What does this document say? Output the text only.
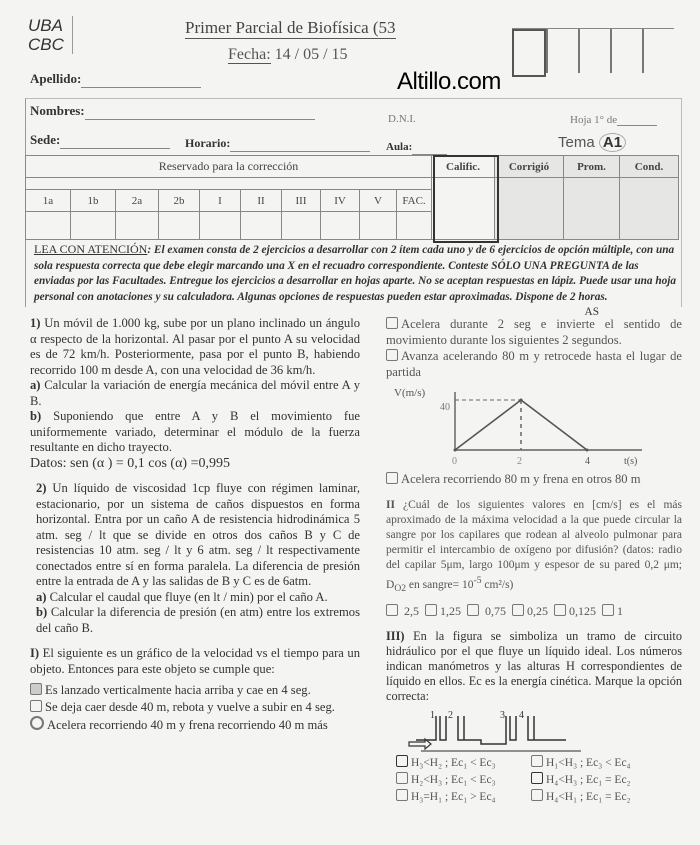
UBA
CBC
Primer Parcial de Biofísica (53
Fecha: 14 / 05 / 15
Altillo.com
Apellido:
Nombres:
D.N.I.	Hoja 1° de
Sede:	Horario:	Aula:	Tema A1
Reservado para la corrección										Calific.	Corrigió	Prom.	Cond.

1a	1b	2a	2b	I	II	III	IV	V	FAC.				

LEA CON ATENCIÓN: El examen consta de 2 ejercicios a desarrollar con 2 ítem cada uno y de 6 ejercicios de opción múltiple, con una sola respuesta correcta que debe elegir marcando una X en el recuadro correspondiente. Conteste SÓLO UNA PREGUNTA de las enviadas por las Facultades. Entregue los ejercicios a desarrollar en hojas aparte. No se aceptan respuestas en lápiz. Puede usar una hoja personal con anotaciones y su calculadora. Algunas opciones de respuestas pueden estar aproximadas. Dispone de 2 horas.
AS
1) Un móvil de 1.000 kg, sube por un plano inclinado un ángulo α respecto de la horizontal. Al pasar por el punto A su velocidad es de 72 km/h. Posteriormente, pasa por el punto B, habiendo recorrido 100 m desde A, con una velocidad de 36 km/h.
a) Calcular la variación de energía mecánica del móvil entre A y B.
b) Suponiendo que entre A y B el movimiento fue uniformemente variado, determinar el módulo de la fuerza resultante en dicho trayecto.
Datos: sen (α ) = 0,1 cos (α) =0,995
2) Un líquido de viscosidad 1cp fluye con régimen laminar, estacionario, por un sistema de caños dispuestos en forma horizontal. Entra por un caño A de resistencia hidrodinámica 5 atm. seg / lt que se divide en otros dos caños B y C de resistencias 10 atm. seg / lt y 6 atm. seg / lt respectivamente conectados entre sí en forma paralela. La diferencia de presión entre la entrada de A y las salidas de B y C es de 6atm.
a) Calcular el caudal que fluye (en lt / min) por el caño A.
b) Calcular la diferencia de presión (en atm) entre los extremos del caño B.
I) El siguiente es un gráfico de la velocidad vs el tiempo para un objeto. Entonces para este objeto se cumple que:
Es lanzado verticalmente hacia arriba y cae en 4 seg.
Se deja caer desde 40 m, rebota y vuelve a subir en 4 seg.
Acelera recorriendo 40 m y frena recorriendo 40 m más
Acelera durante 2 seg e invierte el sentido de movimiento durante los siguientes 2 segundos.
Avanza acelerando 80 m y retrocede hasta el lugar de partida
V(m/s)
t(s)
40
0	2	4
Acelera recorriendo 80 m y frena en otros 80 m
II ¿Cuál de los siguientes valores en [cm/s] es el más aproximado de la máxima velocidad a la que puede circular la sangre por los capilares que rodean al alveolo pulmonar para permitir el intercambio de oxígeno por difusión? (datos: radio del capilar 5μm, largo 100μm y espesor de su pared 0,2 μm; $D_{O2}$ en sangre= $10^{-5}$ cm²/s)
2,5	1,25	0,75	0,25	0,125	1
III) En la figura se simboliza un tramo de circuito hidráulico por el que fluye un líquido ideal. Los números indican manómetros y las alturas H correspondientes de líquido en ellos. Ec es la energía cinética. Marque la opción correcta:
1 2	3 4
H₃<H₂ ; Ec₁ < Ec₃	H₁<H₃ ; Ec₃ < Ec₄
H₂<H₃ ; Ec₁ < Ec₃	H₄<H₃ ; Ec₁ = Ec₂
H₃=H₁ ; Ec₁ > Ec₄	H₄<H₁ ; Ec₁ = Ec₂
